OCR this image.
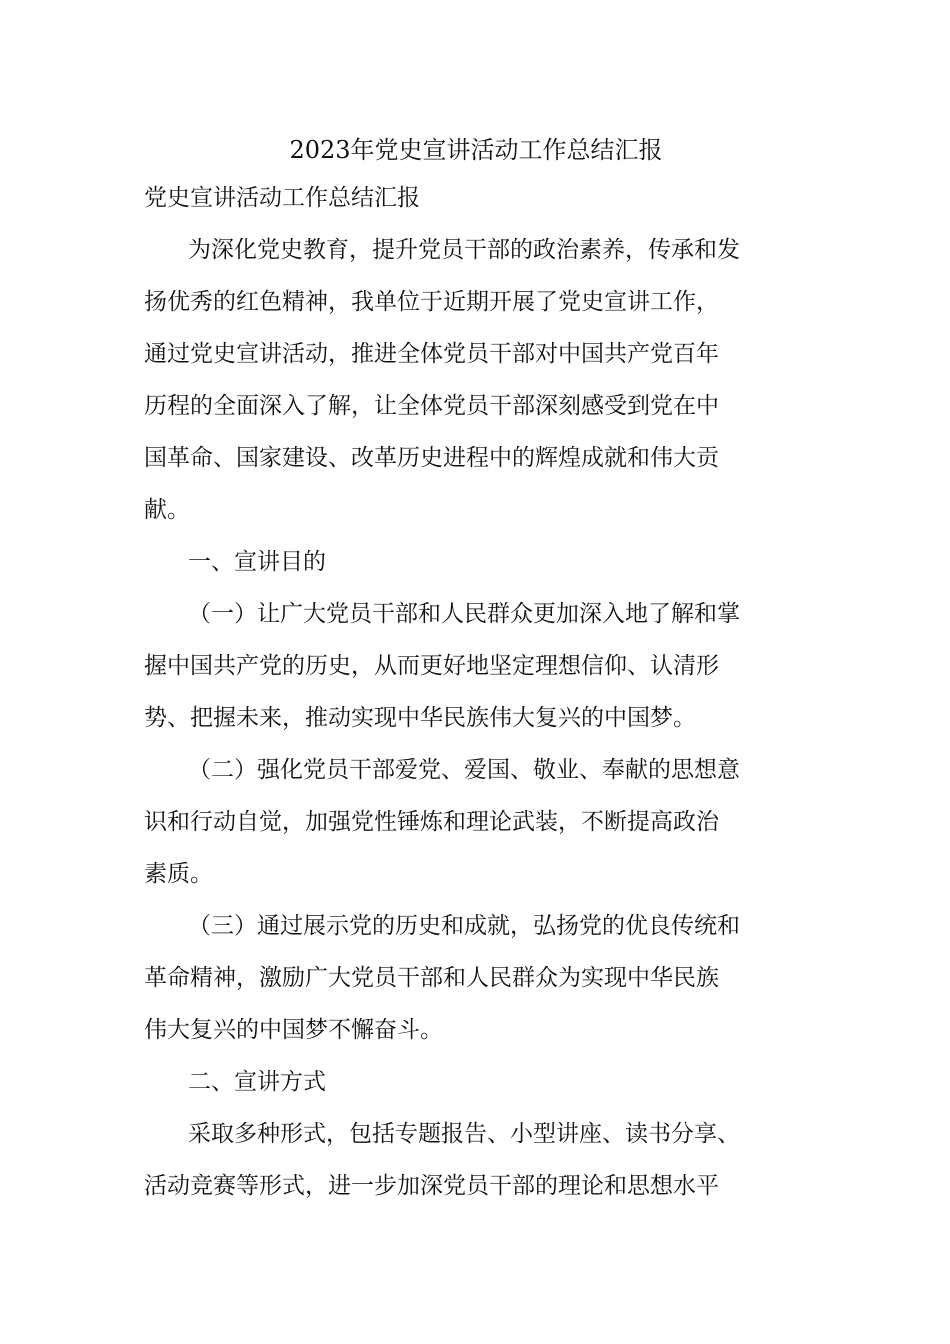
2023年党史宣讲活动工作总结汇报

党史宣讲活动工作总结汇报

为深化党史教育，提升党员干部的政治素养，传承和发
扬优秀的红色精神，我单位于近期开展了党史宣讲工作，
通过党史宣讲活动，推进全体党员干部对中国共产党百年
历程的全面深入了解，让全体党员干部深刻感受到党在中
国革命、国家建设、改革历史进程中的辉煌成就和伟大贡
献。

一、宣讲目的

（一）让广大党员干部和人民群众更加深入地了解和掌
握中国共产党的历史，从而更好地坚定理想信仰、认清形
势、把握未来，推动实现中华民族伟大复兴的中国梦。
（二）强化党员干部爱党、爱国、敬业、奉献的思想意
识和行动自觉，加强党性锤炼和理论武装，不断提高政治
素质。
（三）通过展示党的历史和成就，弘扬党的优良传统和
革命精神，激励广大党员干部和人民群众为实现中华民族
伟大复兴的中国梦不懈奋斗。

二、宣讲方式

采取多种形式，包括专题报告、小型讲座、读书分享、
活动竞赛等形式，进一步加深党员干部的理论和思想水平
